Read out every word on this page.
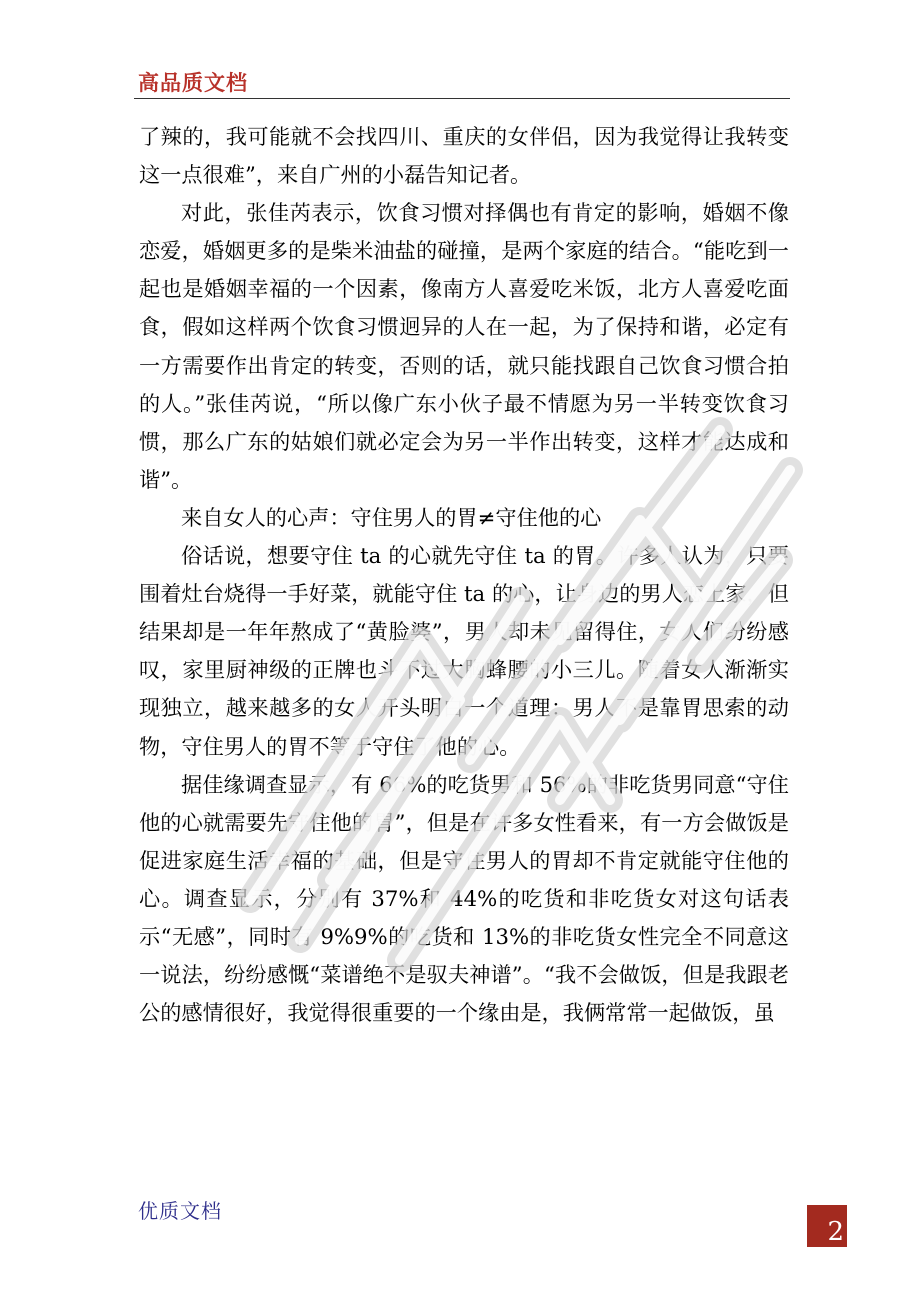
高品质文档

了辣的，我可能就不会找四川、重庆的女伴侣，因为我觉得让我转变这一点很难”，来自广州的小磊告知记者。

对此，张佳芮表示，饮食习惯对择偶也有肯定的影响，婚姻不像恋爱，婚姻更多的是柴米油盐的碰撞，是两个家庭的结合。“能吃到一起也是婚姻幸福的一个因素，像南方人喜爱吃米饭，北方人喜爱吃面食，假如这样两个饮食习惯迥异的人在一起，为了保持和谐，必定有一方需要作出肯定的转变，否则的话，就只能找跟自己饮食习惯合拍的人。”张佳芮说，“所以像广东小伙子最不情愿为另一半转变饮食习惯，那么广东的姑娘们就必定会为另一半作出转变，这样才能达成和谐”。

来自女人的心声：守住男人的胃≠守住他的心

俗话说，想要守住 ta 的心就先守住 ta 的胃。许多人认为，只要围着灶台烧得一手好菜，就能守住 ta 的心，让身边的男人恋上家，但结果却是一年年熬成了“黄脸婆”，男人却未见留得住，女人们纷纷感叹，家里厨神级的正牌也斗不过大胸蜂腰的小三儿。随着女人渐渐实现独立，越来越多的女人开头明白一个道理：男人不是靠胃思索的动物，守住男人的胃不等于守住了他的心。

据佳缘调查显示，有 66%的吃货男和 56%的非吃货男同意“守住他的心就需要先守住他的胃”，但是在许多女性看来，有一方会做饭是促进家庭生活幸福的基础，但是守住男人的胃却不肯定就能守住他的心。调查显示，分别有 37%和 44%的吃货和非吃货女对这句话表示“无感”，同时有 9%9%的吃货和 13%的非吃货女性完全不同意这一说法，纷纷感慨“菜谱绝不是驭夫神谱”。“我不会做饭，但是我跟老公的感情很好，我觉得很重要的一个缘由是，我俩常常一起做饭，虽

优质文档
2
